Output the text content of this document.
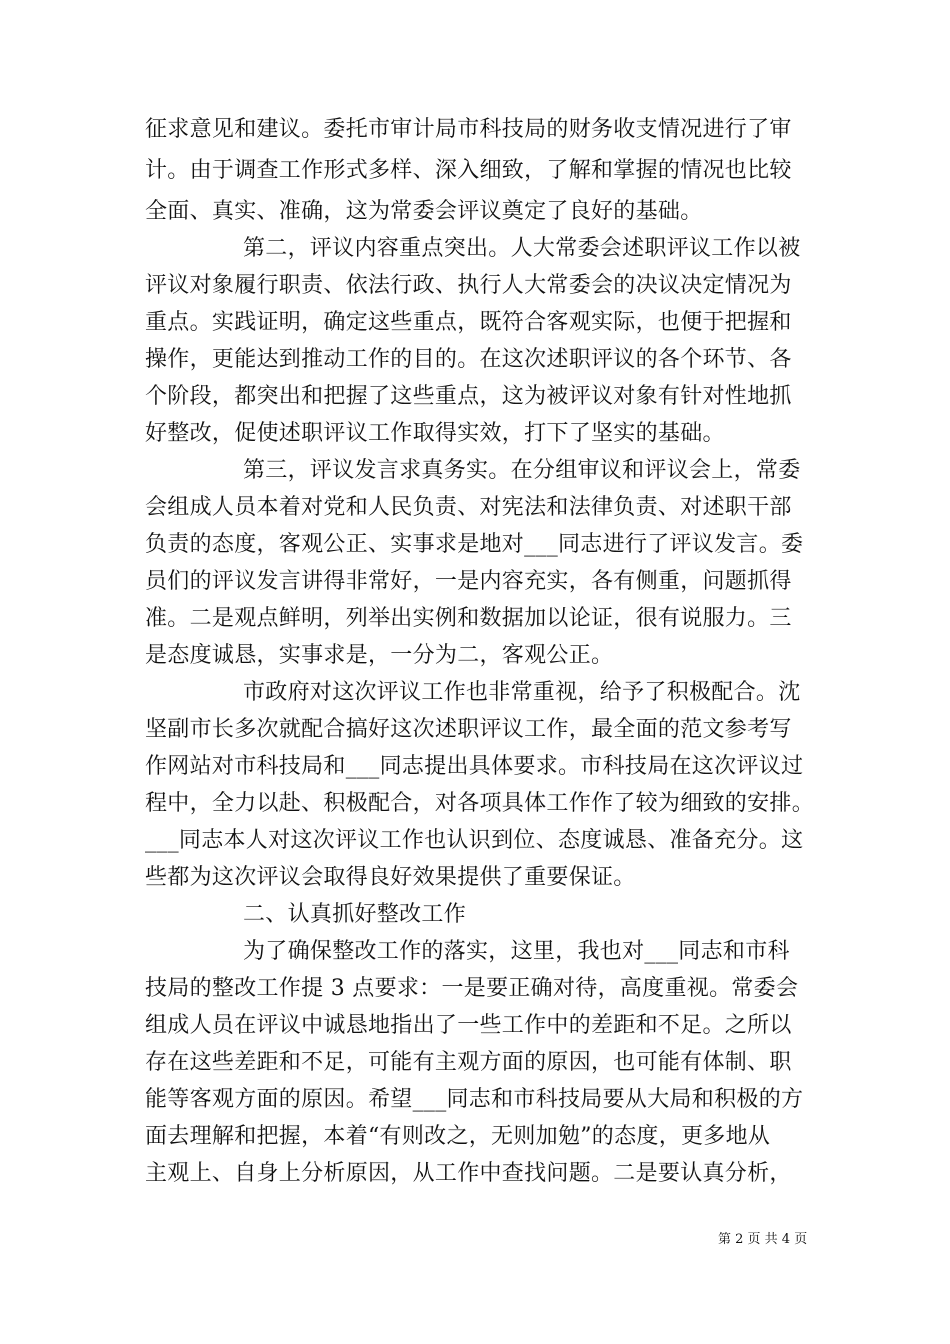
征求意见和建议。委托市审计局市科技局的财务收支情况进行了审
计。由于调查工作形式多样、深入细致，了解和掌握的情况也比较
全面、真实、准确，这为常委会评议奠定了良好的基础。
第二，评议内容重点突出。人大常委会述职评议工作以被
评议对象履行职责、依法行政、执行人大常委会的决议决定情况为
重点。实践证明，确定这些重点，既符合客观实际，也便于把握和
操作，更能达到推动工作的目的。在这次述职评议的各个环节、各
个阶段，都突出和把握了这些重点，这为被评议对象有针对性地抓
好整改，促使述职评议工作取得实效，打下了坚实的基础。
第三，评议发言求真务实。在分组审议和评议会上，常委
会组成人员本着对党和人民负责、对宪法和法律负责、对述职干部
负责的态度，客观公正、实事求是地对___同志进行了评议发言。委
员们的评议发言讲得非常好，一是内容充实，各有侧重，问题抓得
准。二是观点鲜明，列举出实例和数据加以论证，很有说服力。三
是态度诚恳，实事求是，一分为二，客观公正。
市政府对这次评议工作也非常重视，给予了积极配合。沈
坚副市长多次就配合搞好这次述职评议工作，最全面的范文参考写
作网站对市科技局和___同志提出具体要求。市科技局在这次评议过
程中，全力以赴、积极配合，对各项具体工作作了较为细致的安排。
___同志本人对这次评议工作也认识到位、态度诚恳、准备充分。这
些都为这次评议会取得良好效果提供了重要保证。
二、认真抓好整改工作
为了确保整改工作的落实，这里，我也对___同志和市科
技局的整改工作提 3 点要求：一是要正确对待，高度重视。常委会
组成人员在评议中诚恳地指出了一些工作中的差距和不足。之所以
存在这些差距和不足，可能有主观方面的原因，也可能有体制、职
能等客观方面的原因。希望___同志和市科技局要从大局和积极的方
面去理解和把握，本着“有则改之，无则加勉”的态度，更多地从
主观上、自身上分析原因，从工作中查找问题。二是要认真分析，
第 2 页 共 4 页
